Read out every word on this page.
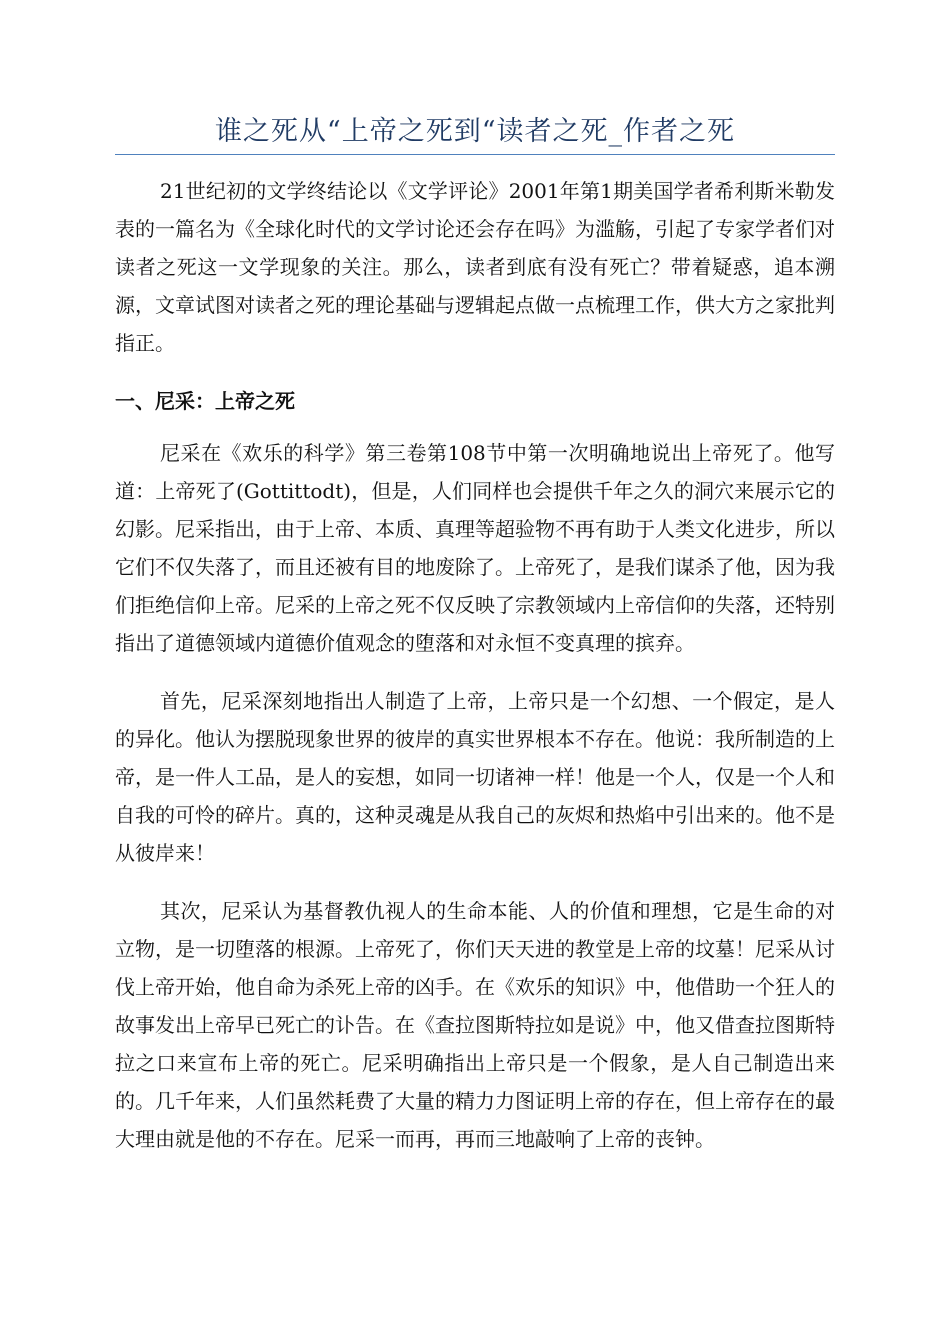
谁之死从“上帝之死到“读者之死_作者之死

21世纪初的文学终结论以《文学评论》2001年第1期美国学者希利斯米勒发表的一篇名为《全球化时代的文学讨论还会存在吗》为滥觞，引起了专家学者们对读者之死这一文学现象的关注。那么，读者到底有没有死亡？带着疑惑，追本溯源，文章试图对读者之死的理论基础与逻辑起点做一点梳理工作，供大方之家批判指正。

一、尼采：上帝之死

尼采在《欢乐的科学》第三卷第108节中第一次明确地说出上帝死了。他写道：上帝死了(Gottittodt)，但是，人们同样也会提供千年之久的洞穴来展示它的幻影。尼采指出，由于上帝、本质、真理等超验物不再有助于人类文化进步，所以它们不仅失落了，而且还被有目的地废除了。上帝死了，是我们谋杀了他，因为我们拒绝信仰上帝。尼采的上帝之死不仅反映了宗教领域内上帝信仰的失落，还特别指出了道德领域内道德价值观念的堕落和对永恒不变真理的摈弃。

首先，尼采深刻地指出人制造了上帝，上帝只是一个幻想、一个假定，是人的异化。他认为摆脱现象世界的彼岸的真实世界根本不存在。他说：我所制造的上帝，是一件人工品，是人的妄想，如同一切诸神一样！他是一个人，仅是一个人和自我的可怜的碎片。真的，这种灵魂是从我自己的灰烬和热焰中引出来的。他不是从彼岸来！

其次，尼采认为基督教仇视人的生命本能、人的价值和理想，它是生命的对立物，是一切堕落的根源。上帝死了，你们天天进的教堂是上帝的坟墓！尼采从讨伐上帝开始，他自命为杀死上帝的凶手。在《欢乐的知识》中，他借助一个狂人的故事发出上帝早已死亡的讣告。在《查拉图斯特拉如是说》中，他又借查拉图斯特拉之口来宣布上帝的死亡。尼采明确指出上帝只是一个假象，是人自己制造出来的。几千年来，人们虽然耗费了大量的精力力图证明上帝的存在，但上帝存在的最大理由就是他的不存在。尼采一而再，再而三地敲响了上帝的丧钟。
